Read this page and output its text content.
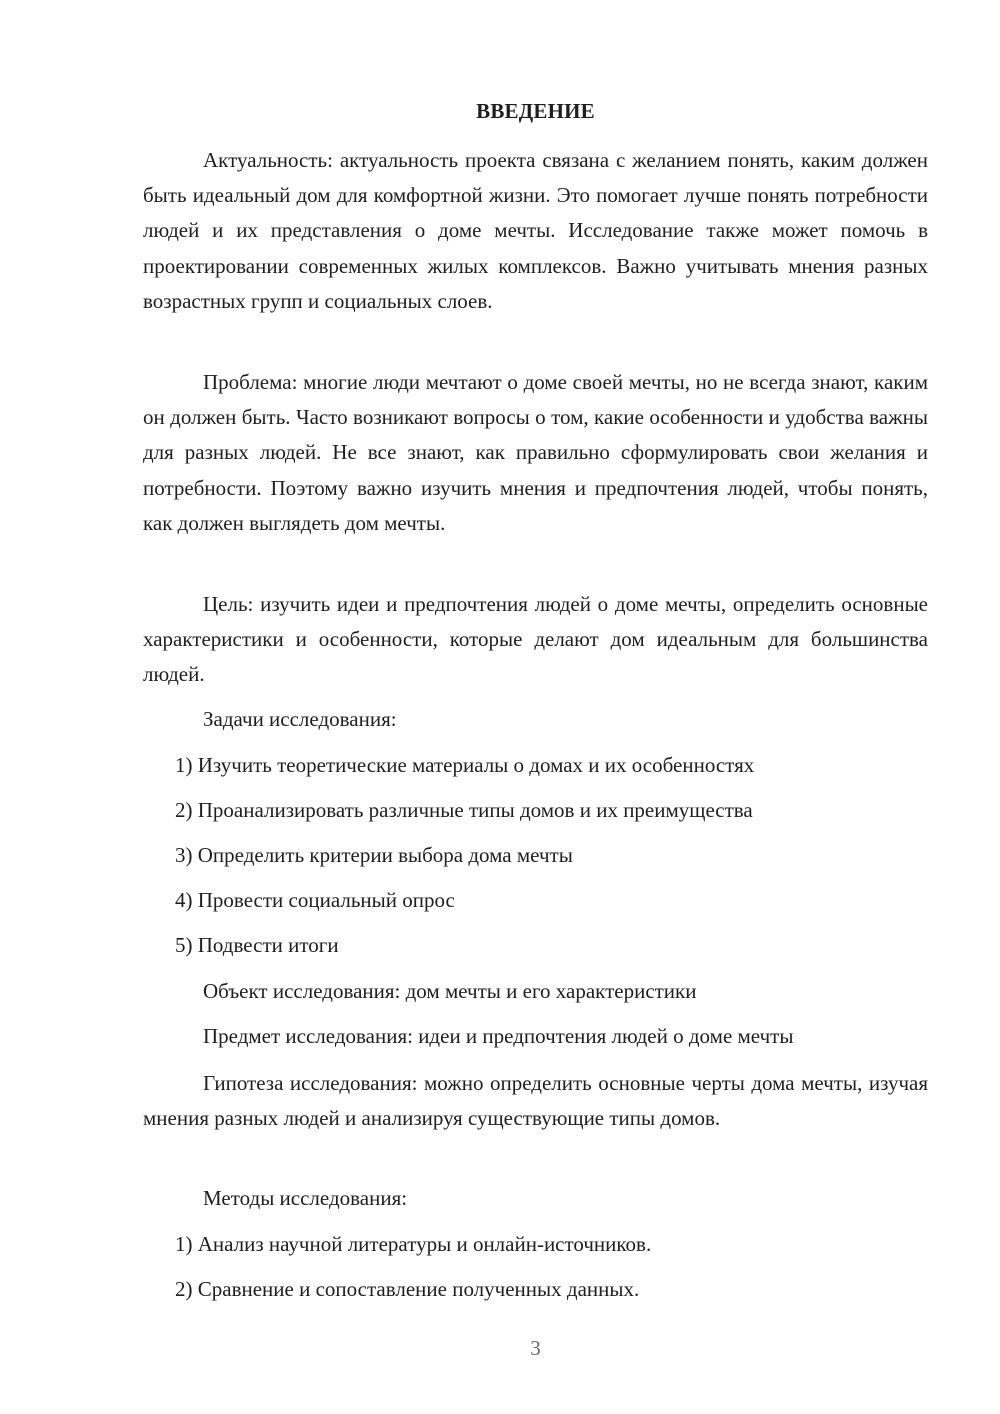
ВВЕДЕНИЕ

Актуальность: актуальность проекта связана с желанием понять, каким должен быть идеальный дом для комфортной жизни. Это помогает лучше понять потребности людей и их представления о доме мечты. Исследование также может помочь в проектировании современных жилых комплексов. Важно учитывать мнения разных возрастных групп и социальных слоев.

Проблема: многие люди мечтают о доме своей мечты, но не всегда знают, каким он должен быть. Часто возникают вопросы о том, какие особенности и удобства важны для разных людей. Не все знают, как правильно сформулировать свои желания и потребности. Поэтому важно изучить мнения и предпочтения людей, чтобы понять, как должен выглядеть дом мечты.

Цель: изучить идеи и предпочтения людей о доме мечты, определить основные характеристики и особенности, которые делают дом идеальным для большинства людей.

Задачи исследования:
1) Изучить теоретические материалы о домах и их особенностях
2) Проанализировать различные типы домов и их преимущества
3) Определить критерии выбора дома мечты
4) Провести социальный опрос
5) Подвести итоги
Объект исследования: дом мечты и его характеристики
Предмет исследования: идеи и предпочтения людей о доме мечты

Гипотеза исследования: можно определить основные черты дома мечты, изучая мнения разных людей и анализируя существующие типы домов.

Методы исследования:
1) Анализ научной литературы и онлайн-источников.
2) Сравнение и сопоставление полученных данных.
3
